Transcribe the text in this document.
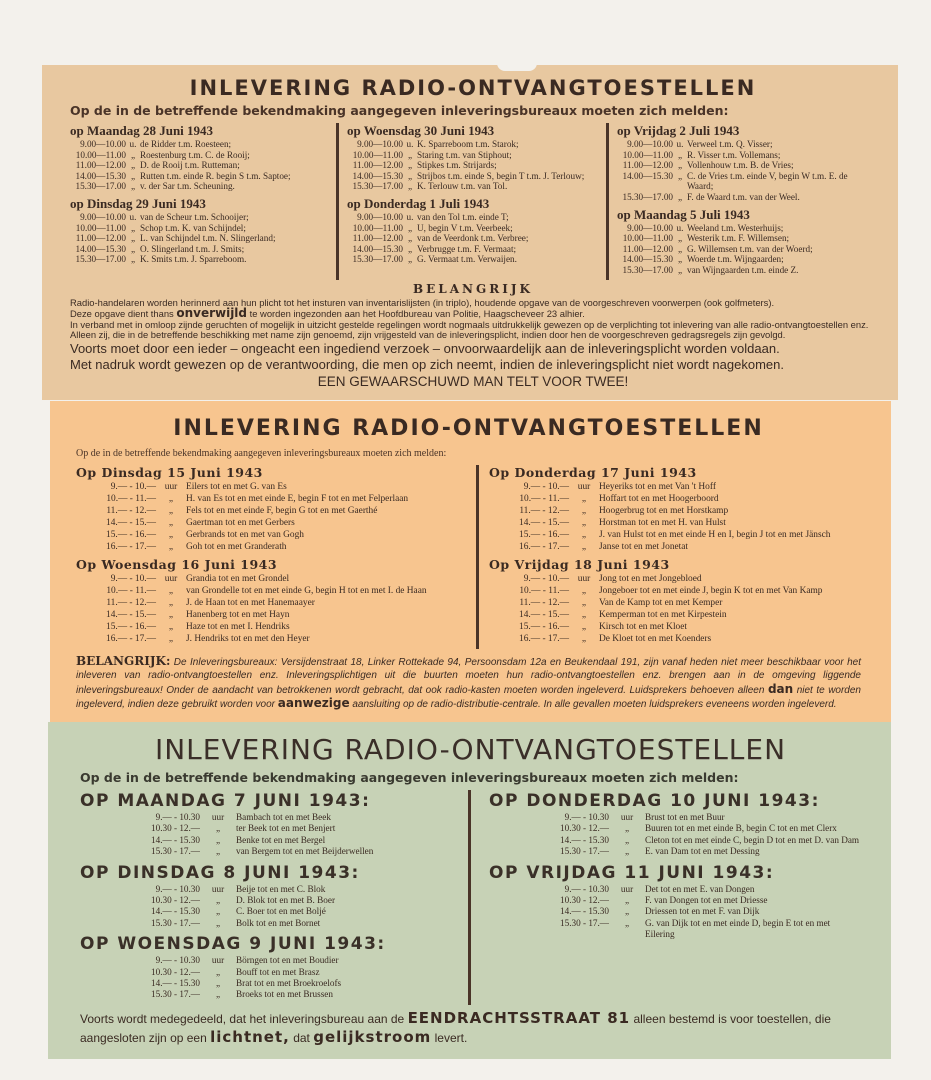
INLEVERING RADIO-ONTVANGTOESTELLEN
Op de in de betreffende bekendmaking aangegeven inleveringsbureaux moeten zich melden:
op Maandag 28 Juni 1943
9.00—10.00 u. de Ridder t.m. Roesteen;
10.00—11.00 „ Roestenburg t.m. C. de Rooij;
11.00—12.00 „ D. de Rooij t.m. Rutteman;
14.00—15.30 „ Rutten t.m. einde R. begin S t.m. Saptoe;
15.30—17.00 „ v. der Sar t.m. Scheuning.
op Dinsdag 29 Juni 1943
9.00—10.00 u. van de Scheur t.m. Schooijer;
10.00—11.00 „ Schop t.m. K. van Schijndel;
11.00—12.00 „ L. van Schijndel t.m. N. Slingerland;
14.00—15.30 „ O. Slingerland t.m. J. Smits;
15.30—17.00 „ K. Smits t.m. J. Sparreboom.
op Woensdag 30 Juni 1943
9.00—10.00 u. K. Sparreboom t.m. Starok;
10.00—11.00 „ Staring t.m. van Stiphout;
11.00—12.00 „ Stipkes t.m. Strijards;
14.00—15.30 „ Strijbos t.m. einde S, begin T t.m. J. Terlouw;
15.30—17.00 „ K. Terlouw t.m. van Tol.
op Donderdag 1 Juli 1943
9.00—10.00 u. van den Tol t.m. einde T;
10.00—11.00 „ U, begin V t.m. Veerbeek;
11.00—12.00 „ van de Veerdonk t.m. Verbree;
14.00—15.30 „ Verbrugge t.m. F. Vermaat;
15.30—17.00 „ G. Vermaat t.m. Verwaijen.
op Vrijdag 2 Juli 1943
9.00—10.00 u. Verweel t.m. Q. Visser;
10.00—11.00 „ R. Visser t.m. Vollemans;
11.00—12.00 „ Vollenhouw t.m. B. de Vries;
14.00—15.30 „ C. de Vries t.m. einde V, begin W t.m. E. de Waard;
15.30—17.00 „ F. de Waard t.m. van der Weel.
op Maandag 5 Juli 1943
9.00—10.00 u. Weeland t.m. Westerhuijs;
10.00—11.00 „ Westerik t.m. F. Willemsen;
11.00—12.00 „ G. Willemsen t.m. van der Woerd;
14.00—15.30 „ Woerde t.m. Wijngaarden;
15.30—17.00 „ van Wijngaarden t.m. einde Z.
BELANGRIJK
Radio-handelaren worden herinnerd aan hun plicht tot het insturen van inventarislijsten (in triplo), houdende opgave van de voorgeschreven voorwerpen (ook golfmeters).
Deze opgave dient thans onverwijld te worden ingezonden aan het Hoofdbureau van Politie, Haagscheveer 23 alhier.
In verband met in omloop zijnde geruchten of mogelijk in uitzicht gestelde regelingen wordt nogmaals uitdrukkelijk gewezen op de verplichting tot inlevering van alle radio-ontvangtoestellen enz.
Alleen zij, die in de betreffende beschikking met name zijn genoemd, zijn vrijgesteld van de inleveringsplicht, indien door hen de voorgeschreven gedragsregels zijn gevolgd.
Voorts moet door een ieder – ongeacht een ingediend verzoek – onvoorwaardelijk aan de inleveringsplicht worden voldaan.
Met nadruk wordt gewezen op de verantwoording, die men op zich neemt, indien de inleveringsplicht niet wordt nagekomen.
EEN GEWAARSCHUWD MAN TELT VOOR TWEE!
INLEVERING RADIO-ONTVANGTOESTELLEN
Op de in de betreffende bekendmaking aangegeven inleveringsbureaux moeten zich melden:
Op Dinsdag 15 Juni 1943
9.— - 10.— uur Eilers tot en met G. van Es
10.— - 11.—	„	H. van Es tot en met einde E, begin F tot en met Felperlaan
11.— - 12.—	„	Fels tot en met einde F, begin G tot en met Gaerthé
14.— - 15.—	„	Gaertman tot en met Gerbers
15.— - 16.—	„	Gerbrands tot en met van Gogh
16.— - 17.—	„	Goh tot en met Granderath
Op Woensdag 16 Juni 1943
9.— - 10.— uur Grandia tot en met Grondel
10.— - 11.—	„	van Grondelle tot en met einde G, begin H tot en met I. de Haan
11.— - 12.—	„	J. de Haan tot en met Hanemaayer
14.— - 15.—	„	Hanenberg tot en met Hayn
15.— - 16.—	„	Haze tot en met I. Hendriks
16.— - 17.—	„	J. Hendriks tot en met den Heyer
Op Donderdag 17 Juni 1943
9.— - 10.— uur Heyeriks tot en met Van 't Hoff
10.— - 11.—	„	Hoffart tot en met Hoogerboord
11.— - 12.—	„	Hoogerbrug tot en met Horstkamp
14.— - 15.—	„	Horstman tot en met H. van Hulst
15.— - 16.—	„	J. van Hulst tot en met einde H en I, begin J tot en met Jänsch
16.— - 17.—	„	Janse tot en met Jonetat
Op Vrijdag 18 Juni 1943
9.— - 10.— uur Jong tot en met Jongebloed
10.— - 11.—	„	Jongeboer tot en met einde J, begin K tot en met Van Kamp
11.— - 12.—	„	Van de Kamp tot en met Kemper
14.— - 15.—	„	Kemperman tot en met Kirpestein
15.— - 16.—	„	Kirsch tot en met Kloet
16.— - 17.—	„	De Kloet tot en met Koenders
BELANGRIJK: De Inleveringsbureaux: Versijdenstraat 18, Linker Rottekade 94, Persoonsdam 12a en Beukendaal 191, zijn vanaf heden niet meer beschikbaar voor het inleveren van radio-ontvangtoestellen enz. Inleveringsplichtigen uit die buurten moeten hun radio-ontvangtoestellen enz. brengen aan in de omgeving liggende inleveringsbureaux! Onder de aandacht van betrokkenen wordt gebracht, dat ook radio-kasten moeten worden ingeleverd. Luidsprekers behoeven alleen dan niet te worden ingeleverd, indien deze gebruikt worden voor aanwezige aansluiting op de radio-distributie-centrale. In alle gevallen moeten luidsprekers eveneens worden ingeleverd.
INLEVERING RADIO-ONTVANGTOESTELLEN
Op de in de betreffende bekendmaking aangegeven inleveringsbureaux moeten zich melden:
OP MAANDAG 7 JUNI 1943:
9.— - 10.30	uur	Bambach tot en met Beek
10.30 - 12.—	„	ter Beek tot en met Benjert
14.— - 15.30	„	Benke tot en met Bergel
15.30 - 17.—	„	van Bergem tot en met Beijderwellen
OP DINSDAG 8 JUNI 1943:
9.— - 10.30	uur	Beije tot en met C. Blok
10.30 - 12.—	„	D. Blok tot en met B. Boer
14.— - 15.30	„	C. Boer tot en met Boljé
15.30 - 17.—	„	Bolk tot en met Bornet
OP WOENSDAG 9 JUNI 1943:
9.— - 10.30	uur	Börngen tot en met Boudier
10.30 - 12.—	„	Bouff tot en met Brasz
14.— - 15.30	„	Brat tot en met Broekroelofs
15.30 - 17.—	„	Broeks tot en met Brussen
OP DONDERDAG 10 JUNI 1943:
9.— - 10.30	uur	Brust tot en met Buur
10.30 - 12.—	„	Buuren tot en met einde B, begin C tot en met Clerx
14.— - 15.30	„	Cleton tot en met einde C, begin D tot en met D. van Dam
15.30 - 17.—	„	E. van Dam tot en met Dessing
OP VRIJDAG 11 JUNI 1943:
9.— - 10.30	uur	Det tot en met E. van Dongen
10.30 - 12.—	„	F. van Dongen tot en met Driesse
14.— - 15.30	„	Driessen tot en met F. van Dijk
15.30 - 17.—	„	G. van Dijk tot en met einde D, begin E tot en met Eilering
Voorts wordt medegedeeld, dat het inleveringsbureau aan de EENDRACHTSSTRAAT 81 alleen bestemd is voor toestellen, die aangesloten zijn op een lichtnet, dat gelijkstroom levert.
